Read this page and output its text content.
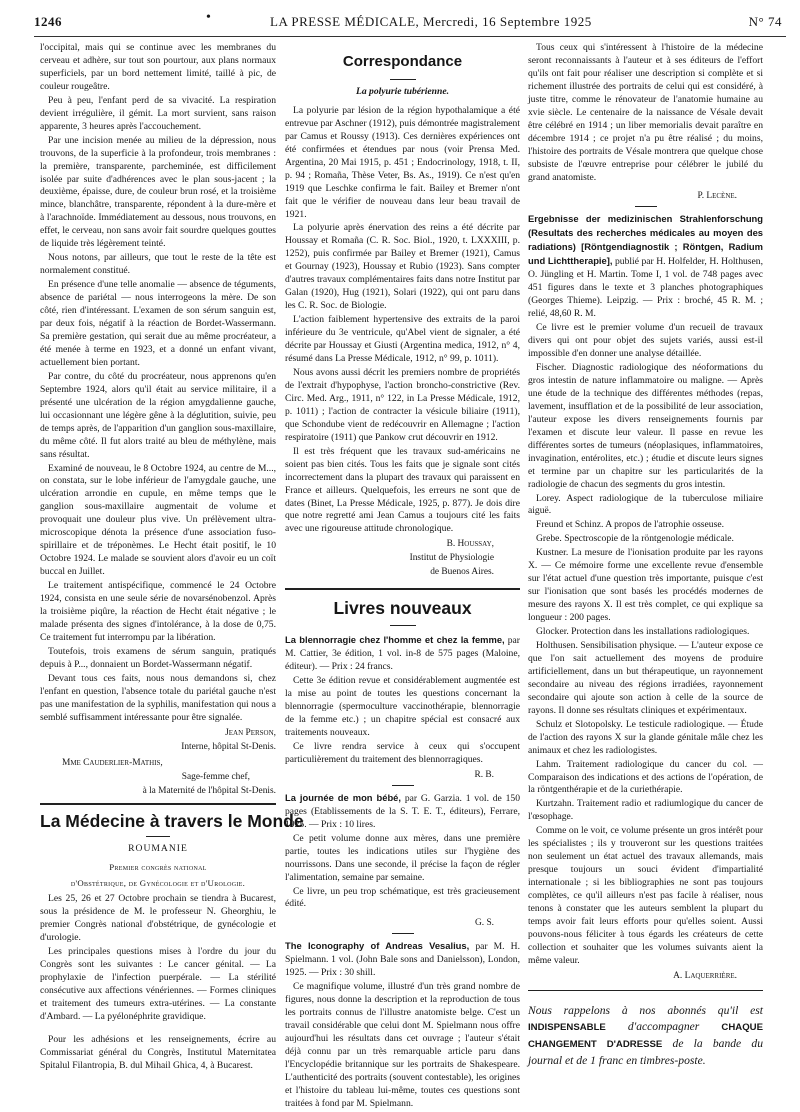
1246	•	LA PRESSE MÉDICALE, Mercredi, 16 Septembre 1925	N° 74

l'occipital, mais qui se continue avec les membranes du cerveau et adhère, sur tout son pourtour, aux plans normaux superficiels, par un bord nettement limité, taillé à pic, de couleur rougeâtre.

Peu à peu, l'enfant perd de sa vivacité. La respiration devient irrégulière, il gémit. La mort survient, sans raison apparente, 3 heures après l'accouchement.

Par une incision menée au milieu de la dépression, nous trouvons, de la superficie à la profondeur, trois membranes : la première, transparente, parcheminée, est difficilement isolée par suite d'adhérences avec le plan sous-jacent ; la deuxième, épaisse, dure, de couleur brun rosé, et la troisième mince, blanchâtre, transparente, répondent à la dure-mère et à l'arachnoïde. Immédiatement au dessous, nous trouvons, en effet, le cerveau, non sans avoir fait sourdre quelques gouttes de liquide très légèrement teinté.

Nous notons, par ailleurs, que tout le reste de la tête est normalement constitué.

En présence d'une telle anomalie — absence de téguments, absence de pariétal — nous interrogeons la mère. De son côté, rien d'intéressant. L'examen de son sérum sanguin est, par deux fois, négatif à la réaction de Bordet-Wassermann. Sa première gestation, qui serait due au même procréateur, a été menée à terme en 1923, et a donné un enfant vivant, actuellement bien portant.

Par contre, du côté du procréateur, nous apprenons qu'en Septembre 1924, alors qu'il était au service militaire, il a présenté une ulcération de la région amygdalienne gauche, lui occasionnant une légère gêne à la déglutition, suivie, peu de temps après, de l'apparition d'un ganglion sous-maxillaire, du même côté. Il fut alors traité au bleu de méthylène, mais sans résultat.

Examiné de nouveau, le 8 Octobre 1924, au centre de M..., on constata, sur le lobe inférieur de l'amygdale gauche, une ulcération arrondie en cupule, en même temps que le ganglion sous-maxillaire augmentait de volume et provoquait une douleur plus vive. Un prélèvement ultra-microscopique dénota la présence d'une association fuso-spirillaire et de tréponèmes. Le Hecht était positif, le 10 Octobre 1924. Le malade se souvient alors d'avoir eu un coït buccal en Juillet.

Le traitement antispécifique, commencé le 24 Octobre 1924, consista en une seule série de novarsénobenzol. Après la troisième piqûre, la réaction de Hecht était négative ; le malade présenta des signes d'intolérance, à la dose de 0,75. Ce traitement fut interrompu par la libération.

Toutefois, trois examens de sérum sanguin, pratiqués depuis à P..., donnaient un Bordet-Wassermann négatif.

Devant tous ces faits, nous nous demandons si, chez l'enfant en question, l'absence totale du pariétal gauche n'est pas une manifestation de la syphilis, manifestation qui nous a semblé suffisamment intéressante pour être signalée.

Jean Person,
Interne, hôpital St-Denis.
Mme Cauderlier-Mathis,
Sage-femme chef,
à la Maternité de l'hôpital St-Denis.
La Médecine à travers le Monde
ROUMANIE
Premier congrès national
d'Obstétrique, de Gynécologie et d'Urologie.

Les 25, 26 et 27 Octobre prochain se tiendra à Bucarest, sous la présidence de M. le professeur N. Gheorghiu, le premier Congrès national d'obstétrique, de gynécologie et d'urologie.

Les principales questions mises à l'ordre du jour du Congrès sont les suivantes : Le cancer génital. — La prophylaxie de l'infection puerpérale. — La stérilité consécutive aux affections vénériennes. — Formes cliniques et traitement des tumeurs extra-utérines. — La constante d'Ambard. — La pyélonéphrite gravidique.

Pour les adhésions et les renseignements, écrire au Commissariat général du Congrès, Institutul Maternitatea Spitalul Filantropia, B. dul Mihail Ghica, 4, à Bucarest.

Correspondance
La polyurie tubérienne.

La polyurie par lésion de la région hypothalamique a été entrevue par Aschner (1912), puis démontrée magistralement par Camus et Roussy (1913). Ces dernières expériences ont été confirmées et étendues par nous (voir Prensa Med. Argentina, 20 Mai 1915, p. 451 ; Endocrinology, 1918, t. II, p. 94 ; Romaña, Thèse Veter, Bs. As., 1919). Ce n'est qu'en 1919 que Leschke confirma le fait. Bailey et Bremer n'ont fait que le vérifier de nouveau dans leur beau travail de 1921.

La polyurie après énervation des reins a été décrite par Houssay et Romaña (C. R. Soc. Biol., 1920, t. LXXXIII, p. 1252), puis confirmée par Bailey et Bremer (1921), Camus et Gournay (1923), Houssay et Rubio (1923). Sans compter d'autres travaux complémentaires faits dans notre Institut par Galan (1920), Hug (1921), Solari (1922), qui ont paru dans les C. R. Soc. de Biologie.

L'action faiblement hypertensive des extraits de la paroi inférieure du 3e ventricule, qu'Abel vient de signaler, a été décrite par Houssay et Giusti (Argentina medica, 1912, n° 4, résumé dans La Presse Médicale, 1912, n° 99, p. 1011).

Nous avons aussi décrit les premiers nombre de propriétés de l'extrait d'hypophyse, l'action broncho-constrictive (Rev. Circ. Med. Arg., 1911, n° 122, in La Presse Médicale, 1912, p. 1011) ; l'action de contracter la vésicule biliaire (1911), que Schondube vient de redécouvrir en Allemagne ; l'action respiratoire (1911) que Pankow crut découvrir en 1912.

Il est très fréquent que les travaux sud-américains ne soient pas bien cités. Tous les faits que je signale sont cités incorrectement dans la plupart des travaux qui paraissent en France et ailleurs. Quelquefois, les erreurs ne sont que de dates (Binet, La Presse Médicale, 1925, p. 877). Je dois dire que notre regretté ami Jean Camus a toujours cité les faits avec une rigoureuse attitude chronologique.

B. Houssay,
Institut de Physiologie
de Buenos Aires.
Livres nouveaux

La blennorragie chez l'homme et chez la femme, par M. Cattier, 3e édition, 1 vol. in-8 de 575 pages (Maloine, éditeur). — Prix : 24 francs.

Cette 3e édition revue et considérablement augmentée est la mise au point de toutes les questions concernant la blennorragie (spermoculture vaccinothérapie, blennorragie de la femme etc.) ; un chapitre spécial est consacré aux traitements nouveaux.

Ce livre rendra service à ceux qui s'occupent particulièrement du traitement des blennorragiques.

R. B.

La journée de mon bébé, par G. Garzia. 1 vol. de 150 pages (Etablissements de la S. T. E. T., éditeurs), Ferrare, 1925. — Prix : 10 lires.

Ce petit volume donne aux mères, dans une première partie, toutes les indications utiles sur l'hygiène des nourrissons. Dans une seconde, il précise la façon de régler l'alimentation, semaine par semaine.

Ce livre, un peu trop schématique, est très gracieusement édité.

G. S.

The Iconography of Andreas Vesalius, par M. H. Spielmann. 1 vol. (John Bale sons and Danielsson), London, 1925. — Prix : 30 shill.

Ce magnifique volume, illustré d'un très grand nombre de figures, nous donne la description et la reproduction de tous les portraits connus de l'illustre anatomiste belge. C'est un travail considérable que celui dont M. Spielmann nous offre aujourd'hui les résultats dans cet ouvrage ; l'auteur s'était déjà connu par un très remarquable article paru dans l'Encyclopédie britannique sur les portraits de Shakespeare. L'authenticité des portraits (souvent contestable), les origines et l'histoire du tableau lui-même, toutes ces questions sont traitées à fond par M. Spielmann.

Tous ceux qui s'intéressent à l'histoire de la médecine seront reconnaissants à l'auteur et à ses éditeurs de l'effort qu'ils ont fait pour réaliser une description si complète et si richement illustrée des portraits de celui qui est considéré, à juste titre, comme le rénovateur de l'anatomie humaine au xvie siècle. Le centenaire de la naissance de Vésale devait être célébré en 1914 ; un liber memorialis devait paraître en décembre 1914 ; ce projet n'a pu être réalisé ; du moins, l'histoire des portraits de Vésale montrera que quelque chose subsiste de l'œuvre entreprise pour célébrer le jubilé du grand anatomiste.

P. Lecène.

Ergebnisse der medizinischen Strahlenforschung (Resultats des recherches médicales au moyen des radiations) [Röntgendiagnostik ; Röntgen, Radium und Lichttherapie], publié par H. Holfelder, H. Holthusen, O. Jüngling et H. Martin. Tome I, 1 vol. de 748 pages avec 451 figures dans le texte et 3 planches photographiques (Georges Thieme). Leipzig. — Prix : broché, 45 R. M. ; relié, 48,60 R. M.

Ce livre est le premier volume d'un recueil de travaux divers qui ont pour objet des sujets variés, aussi est-il impossible d'en donner une analyse détaillée.

Fischer. Diagnostic radiologique des néoformations du gros intestin de nature inflammatoire ou maligne. — Après une étude de la technique des différentes méthodes (repas, lavement, insufflation et de la possibilité de leur association, l'auteur expose les divers renseignements fournis par l'examen et discute leur valeur. Il passe en revue les différentes sortes de tumeurs (néoplasiques, inflammatoires, invagination, entérolites, etc.) ; étudie et discute leurs signes et termine par un chapitre sur les particularités de la radiologie de chacun des segments du gros intestin.

Lorey. Aspect radiologique de la tuberculose miliaire aiguë.

Freund et Schinz. A propos de l'atrophie osseuse.

Grebe. Spectroscopie de la röntgenologie médicale.

Kustner. La mesure de l'ionisation produite par les rayons X. — Ce mémoire forme une excellente revue d'ensemble sur l'état actuel d'une question très importante, puisque c'est sur l'ionisation que sont basés les procédés modernes de mesure des rayons X. Il est très complet, ce qui explique sa longueur : 200 pages.

Glocker. Protection dans les installations radiologiques.

Holthusen. Sensibilisation physique. — L'auteur expose ce que l'on sait actuellement des moyens de produire artificiellement, dans un but thérapeutique, un rayonnement secondaire au niveau des régions irradiées, rayonnement secondaire qui ajoute son action à celle de la source de rayons. Il donne ses résultats cliniques et expérimentaux.

Schulz et Slotopolsky. Le testicule radiologique. — Étude de l'action des rayons X sur la glande génitale mâle chez les animaux et chez les radiologistes.

Lahm. Traitement radiologique du cancer du col. — Comparaison des indications et des actions de l'opération, de la röntgenthérapie et de la curiethérapie.

Kurtzahn. Traitement radio et radiumlogique du cancer de l'œsophage.

Comme on le voit, ce volume présente un gros intérêt pour les spécialistes ; ils y trouveront sur les questions traitées non seulement un état actuel des travaux allemands, mais presque toujours un souci évident d'impartialité internationale ; si les bibliographies ne sont pas toujours complètes, ce qu'il ailleurs n'est pas facile à réaliser, nous tenons à constater que les auteurs semblent la plupart du temps avoir fait leurs efforts pour qu'elles soient. Aussi pouvons-nous féliciter à tous égards les créateurs de cette collection et souhaiter que les volumes suivants aient la même valeur.

A. Laquerrière.
Nous rappelons à nos abonnés qu'il est INDISPENSABLE d'accompagner CHAQUE CHANGEMENT D'ADRESSE de la bande du journal et de 1 franc en timbres-poste.
